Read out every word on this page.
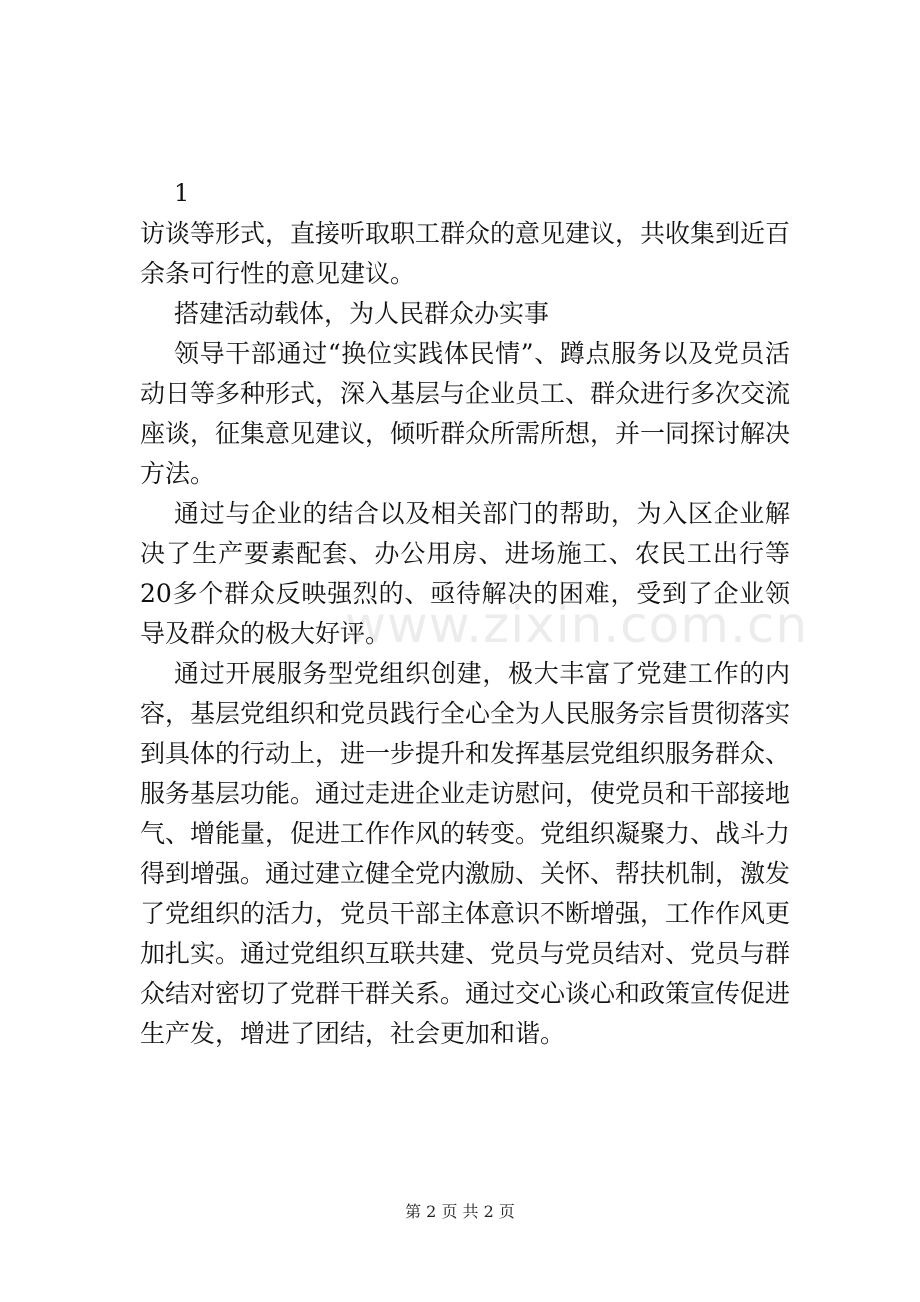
1

访谈等形式，直接听取职工群众的意见建议，共收集到近百余条可行性的意见建议。

搭建活动载体，为人民群众办实事

领导干部通过“换位实践体民情”、蹲点服务以及党员活动日等多种形式，深入基层与企业员工、群众进行多次交流座谈，征集意见建议，倾听群众所需所想，并一同探讨解决方法。

通过与企业的结合以及相关部门的帮助，为入区企业解决了生产要素配套、办公用房、进场施工、农民工出行等20多个群众反映强烈的、亟待解决的困难，受到了企业领导及群众的极大好评。

通过开展服务型党组织创建，极大丰富了党建工作的内容，基层党组织和党员践行全心全为人民服务宗旨贯彻落实到具体的行动上，进一步提升和发挥基层党组织服务群众、服务基层功能。通过走进企业走访慰问，使党员和干部接地气、增能量，促进工作作风的转变。党组织凝聚力、战斗力得到增强。通过建立健全党内激励、关怀、帮扶机制，激发了党组织的活力，党员干部主体意识不断增强，工作作风更加扎实。通过党组织互联共建、党员与党员结对、党员与群众结对密切了党群干群关系。通过交心谈心和政策宣传促进生产发，增进了团结，社会更加和谐。

www.zixin.com.cn
第 2 页 共 2 页
